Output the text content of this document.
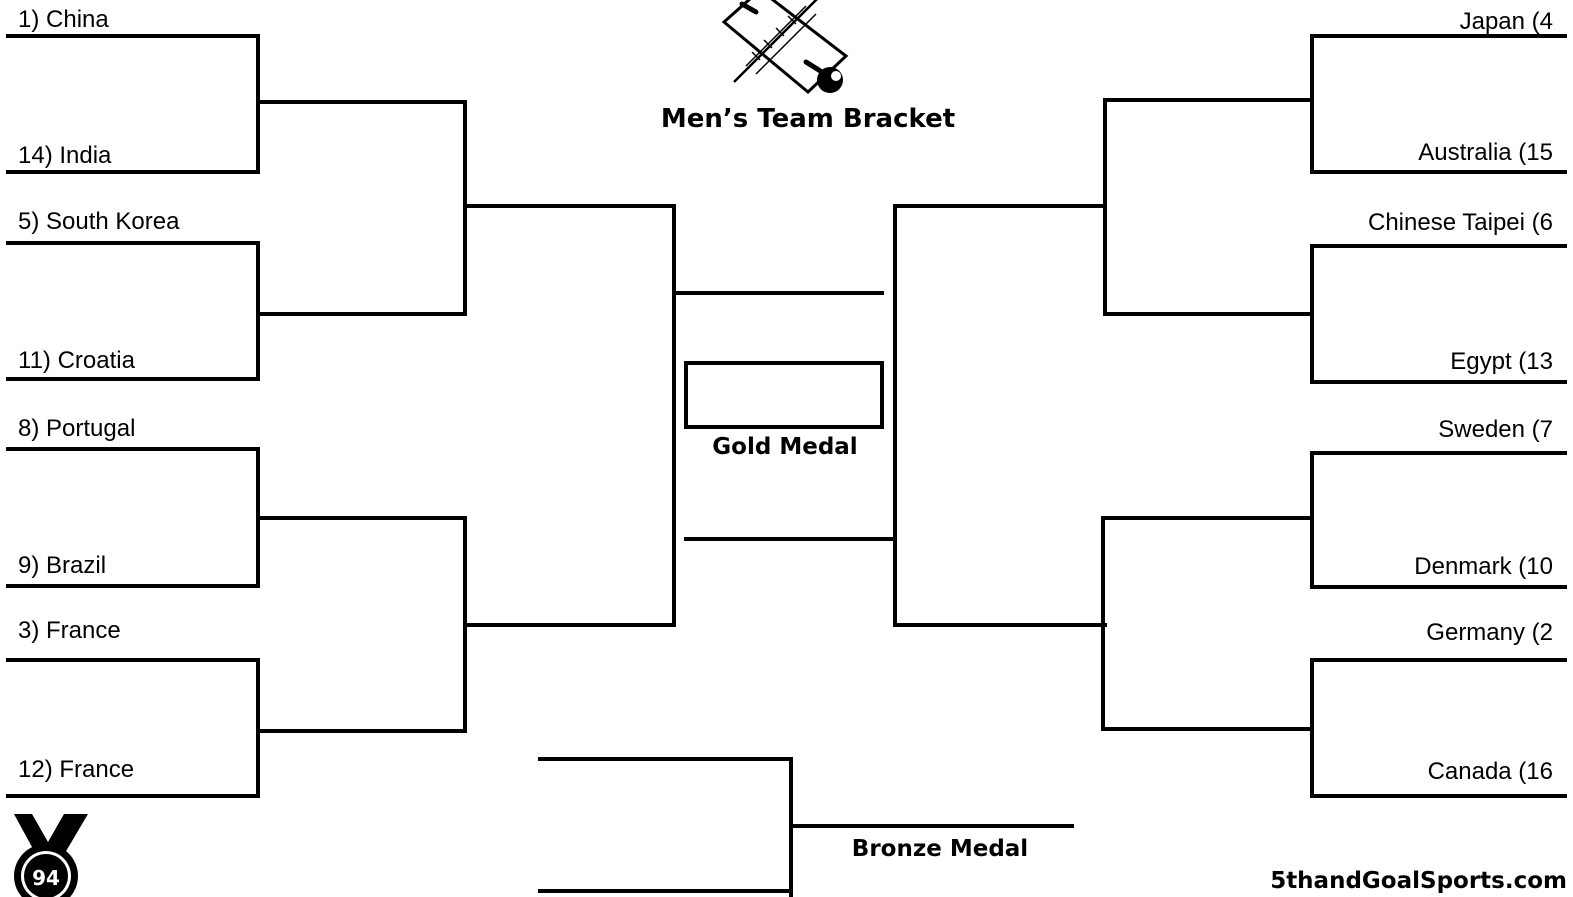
94
1) China
14) India
5) South Korea
11) Croatia
8) Portugal
9) Brazil
3) France
12) France
Japan (4
Australia (15
Chinese Taipei (6
Egypt (13
Sweden (7
Denmark (10
Germany (2
Canada (16
Men’s Team Bracket
Gold Medal
Bronze Medal
5thandGoalSports.com
